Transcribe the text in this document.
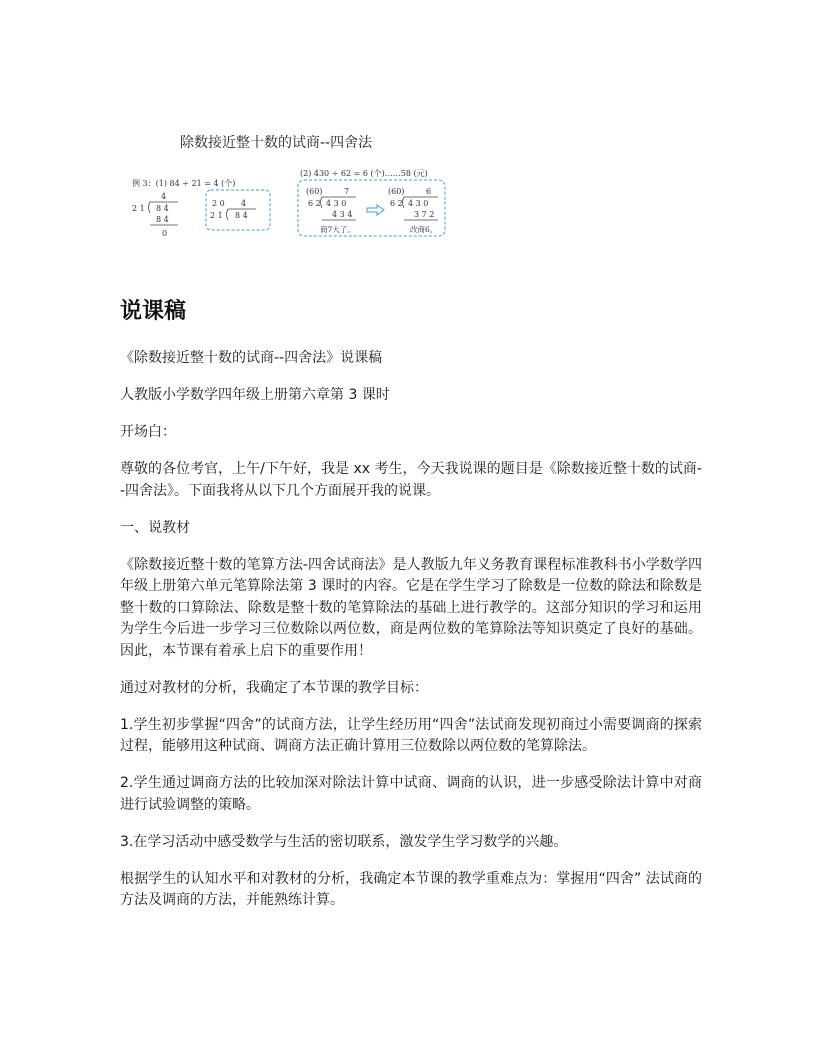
除数接近整十数的试商--四舍法
例 3：(1) 84 ÷ 21 = 4 (个)
4
2 1 8 4
8 4
0
2 0 4
2 1 8 4
(2) 430 ÷ 62 = 6 (个)……58 (元)
(60)	7
6 2 4 3 0
4 3 4
商7大了。
(60)	6
6 2 4 3 0
3 7 2
改商6。
说课稿

《除数接近整十数的试商--四舍法》说课稿

人教版小学数学四年级上册第六章第 3 课时

开场白：

尊敬的各位考官，上午/下午好，我是 xx 考生，今天我说课的题目是《除数接近整十数的试商--四舍法》。下面我将从以下几个方面展开我的说课。

一、说教材

《除数接近整十数的笔算方法-四舍试商法》是人教版九年义务教育课程标准教科书小学数学四年级上册第六单元笔算除法第 3 课时的内容。它是在学生学习了除数是一位数的除法和除数是整十数的口算除法、除数是整十数的笔算除法的基础上进行教学的。这部分知识的学习和运用为学生今后进一步学习三位数除以两位数，商是两位数的笔算除法等知识奠定了良好的基础。因此，本节课有着承上启下的重要作用！

通过对教材的分析，我确定了本节课的教学目标：

1.学生初步掌握“四舍”的试商方法，让学生经历用“四舍”法试商发现初商过小需要调商的探索过程，能够用这种试商、调商方法正确计算用三位数除以两位数的笔算除法。

2.学生通过调商方法的比较加深对除法计算中试商、调商的认识，进一步感受除法计算中对商进行试验调整的策略。

3.在学习活动中感受数学与生活的密切联系，激发学生学习数学的兴趣。

根据学生的认知水平和对教材的分析，我确定本节课的教学重难点为：掌握用“四舍” 法试商的方法及调商的方法，并能熟练计算。
